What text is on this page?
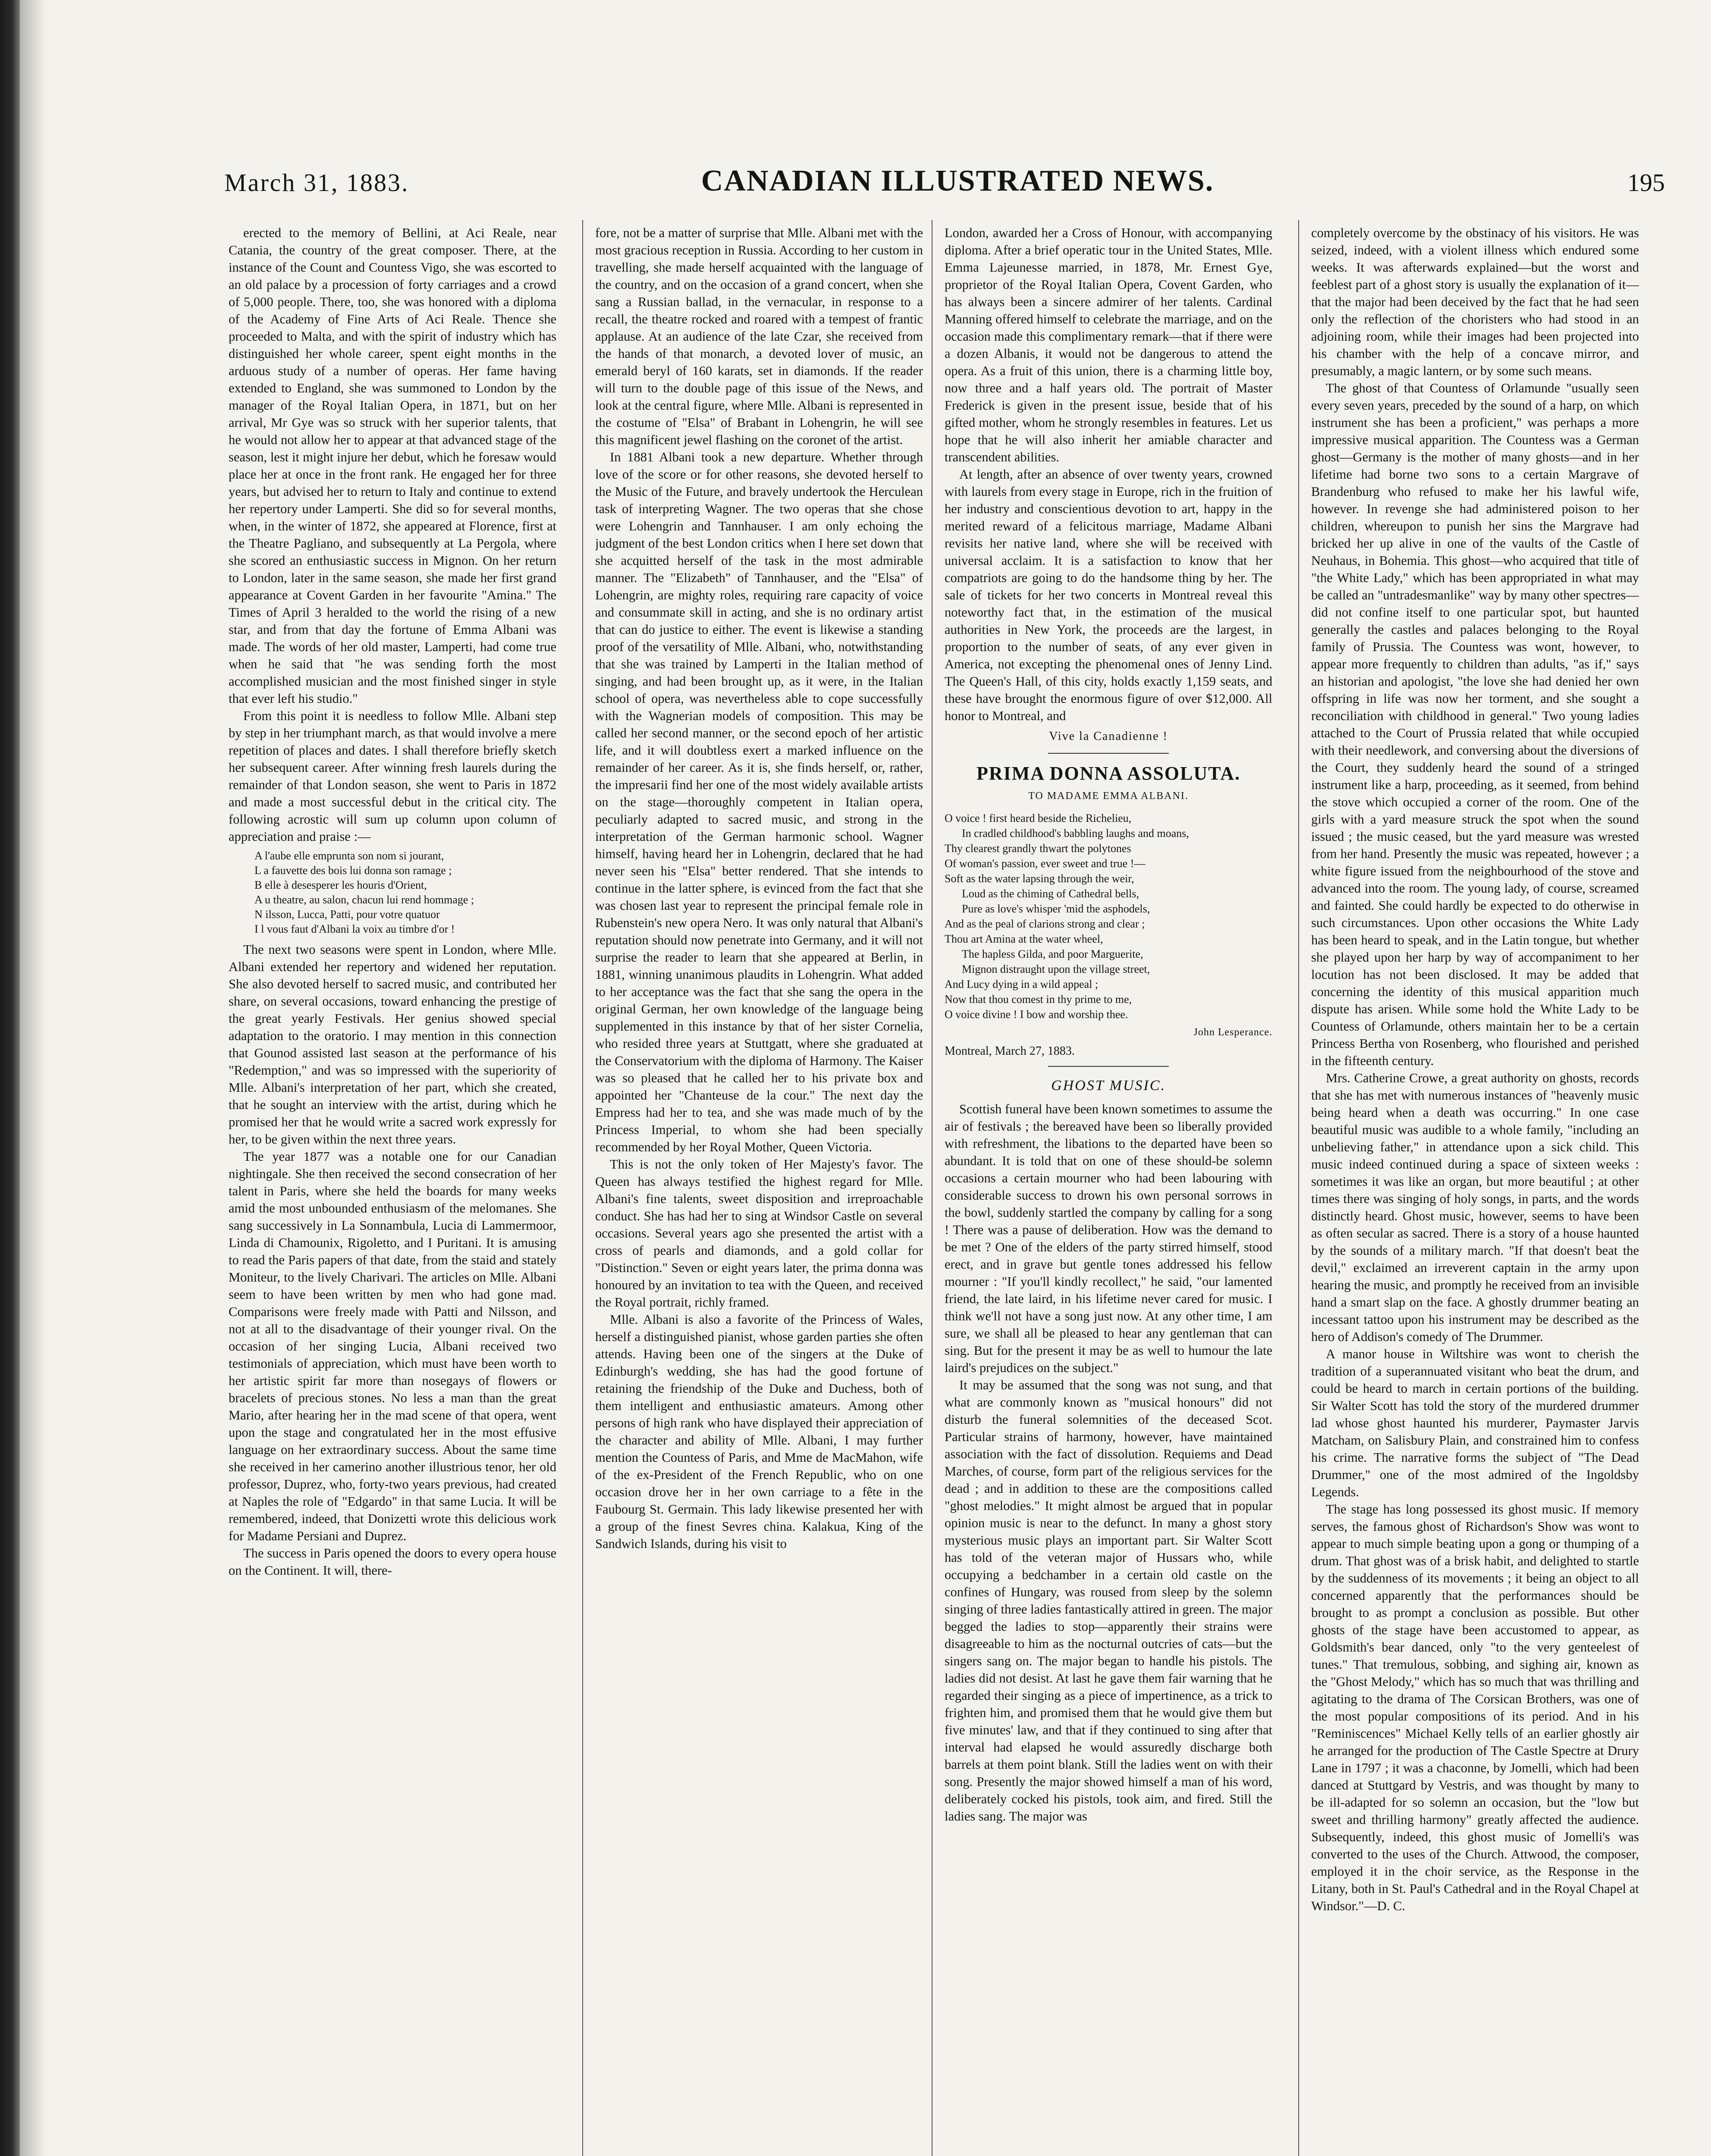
March 31, 1883.	CANADIAN ILLUSTRATED NEWS.	195

erected to the memory of Bellini, at Aci Reale, near Catania, the country of the great composer. There, at the instance of the Count and Countess Vigo, she was escorted to an old palace by a procession of forty carriages and a crowd of 5,000 people. There, too, she was honored with a diploma of the Academy of Fine Arts of Aci Reale. Thence she proceeded to Malta, and with the spirit of industry which has distinguished her whole career, spent eight months in the arduous study of a number of operas. Her fame having extended to England, she was summoned to London by the manager of the Royal Italian Opera, in 1871, but on her arrival, Mr Gye was so struck with her superior talents, that he would not allow her to appear at that advanced stage of the season, lest it might injure her debut, which he foresaw would place her at once in the front rank. He engaged her for three years, but advised her to return to Italy and continue to extend her repertory under Lamperti. She did so for several months, when, in the winter of 1872, she appeared at Florence, first at the Theatre Pagliano, and subsequently at La Pergola, where she scored an enthusiastic success in Mignon. On her return to London, later in the same season, she made her first grand appearance at Covent Garden in her favourite "Amina." The Times of April 3 heralded to the world the rising of a new star, and from that day the fortune of Emma Albani was made. The words of her old master, Lamperti, had come true when he said that "he was sending forth the most accomplished musician and the most finished singer in style that ever left his studio."

From this point it is needless to follow Mlle. Albani step by step in her triumphant march, as that would involve a mere repetition of places and dates. I shall therefore briefly sketch her subsequent career. After winning fresh laurels during the remainder of that London season, she went to Paris in 1872 and made a most successful debut in the critical city. The following acrostic will sum up column upon column of appreciation and praise :—

A l'aube elle emprunta son nom si jourant,
L a fauvette des bois lui donna son ramage ;
B elle à desesperer les houris d'Orient,
A u theatre, au salon, chacun lui rend hommage ;
N ilsson, Lucca, Patti, pour votre quatuor
I l vous faut d'Albani la voix au timbre d'or !

The next two seasons were spent in London, where Mlle. Albani extended her repertory and widened her reputation. She also devoted herself to sacred music, and contributed her share, on several occasions, toward enhancing the prestige of the great yearly Festivals. Her genius showed special adaptation to the oratorio. I may mention in this connection that Gounod assisted last season at the performance of his "Redemption," and was so impressed with the superiority of Mlle. Albani's interpretation of her part, which she created, that he sought an interview with the artist, during which he promised her that he would write a sacred work expressly for her, to be given within the next three years.

The year 1877 was a notable one for our Canadian nightingale. She then received the second consecration of her talent in Paris, where she held the boards for many weeks amid the most unbounded enthusiasm of the melomanes. She sang successively in La Sonnambula, Lucia di Lammermoor, Linda di Chamounix, Rigoletto, and I Puritani. It is amusing to read the Paris papers of that date, from the staid and stately Moniteur, to the lively Charivari. The articles on Mlle. Albani seem to have been written by men who had gone mad. Comparisons were freely made with Patti and Nilsson, and not at all to the disadvantage of their younger rival. On the occasion of her singing Lucia, Albani received two testimonials of appreciation, which must have been worth to her artistic spirit far more than nosegays of flowers or bracelets of precious stones. No less a man than the great Mario, after hearing her in the mad scene of that opera, went upon the stage and congratulated her in the most effusive language on her extraordinary success. About the same time she received in her camerino another illustrious tenor, her old professor, Duprez, who, forty-two years previous, had created at Naples the role of "Edgardo" in that same Lucia. It will be remembered, indeed, that Donizetti wrote this delicious work for Madame Persiani and Duprez.

The success in Paris opened the doors to every opera house on the Continent. It will, there-

fore, not be a matter of surprise that Mlle. Albani met with the most gracious reception in Russia. According to her custom in travelling, she made herself acquainted with the language of the country, and on the occasion of a grand concert, when she sang a Russian ballad, in the vernacular, in response to a recall, the theatre rocked and roared with a tempest of frantic applause. At an audience of the late Czar, she received from the hands of that monarch, a devoted lover of music, an emerald beryl of 160 karats, set in diamonds. If the reader will turn to the double page of this issue of the News, and look at the central figure, where Mlle. Albani is represented in the costume of "Elsa" of Brabant in Lohengrin, he will see this magnificent jewel flashing on the coronet of the artist.

In 1881 Albani took a new departure. Whether through love of the score or for other reasons, she devoted herself to the Music of the Future, and bravely undertook the Herculean task of interpreting Wagner. The two operas that she chose were Lohengrin and Tannhauser. I am only echoing the judgment of the best London critics when I here set down that she acquitted herself of the task in the most admirable manner. The "Elizabeth" of Tannhauser, and the "Elsa" of Lohengrin, are mighty roles, requiring rare capacity of voice and consummate skill in acting, and she is no ordinary artist that can do justice to either. The event is likewise a standing proof of the versatility of Mlle. Albani, who, notwithstanding that she was trained by Lamperti in the Italian method of singing, and had been brought up, as it were, in the Italian school of opera, was nevertheless able to cope successfully with the Wagnerian models of composition. This may be called her second manner, or the second epoch of her artistic life, and it will doubtless exert a marked influence on the remainder of her career. As it is, she finds herself, or, rather, the impresarii find her one of the most widely available artists on the stage—thoroughly competent in Italian opera, peculiarly adapted to sacred music, and strong in the interpretation of the German harmonic school. Wagner himself, having heard her in Lohengrin, declared that he had never seen his "Elsa" better rendered. That she intends to continue in the latter sphere, is evinced from the fact that she was chosen last year to represent the principal female role in Rubenstein's new opera Nero. It was only natural that Albani's reputation should now penetrate into Germany, and it will not surprise the reader to learn that she appeared at Berlin, in 1881, winning unanimous plaudits in Lohengrin. What added to her acceptance was the fact that she sang the opera in the original German, her own knowledge of the language being supplemented in this instance by that of her sister Cornelia, who resided three years at Stuttgatt, where she graduated at the Conservatorium with the diploma of Harmony. The Kaiser was so pleased that he called her to his private box and appointed her "Chanteuse de la cour." The next day the Empress had her to tea, and she was made much of by the Princess Imperial, to whom she had been specially recommended by her Royal Mother, Queen Victoria.

This is not the only token of Her Majesty's favor. The Queen has always testified the highest regard for Mlle. Albani's fine talents, sweet disposition and irreproachable conduct. She has had her to sing at Windsor Castle on several occasions. Several years ago she presented the artist with a cross of pearls and diamonds, and a gold collar for "Distinction." Seven or eight years later, the prima donna was honoured by an invitation to tea with the Queen, and received the Royal portrait, richly framed.

Mlle. Albani is also a favorite of the Princess of Wales, herself a distinguished pianist, whose garden parties she often attends. Having been one of the singers at the Duke of Edinburgh's wedding, she has had the good fortune of retaining the friendship of the Duke and Duchess, both of them intelligent and enthusiastic amateurs. Among other persons of high rank who have displayed their appreciation of the character and ability of Mlle. Albani, I may further mention the Countess of Paris, and Mme de MacMahon, wife of the ex-President of the French Republic, who on one occasion drove her in her own carriage to a fête in the Faubourg St. Germain. This lady likewise presented her with a group of the finest Sevres china. Kalakua, King of the Sandwich Islands, during his visit to

London, awarded her a Cross of Honour, with accompanying diploma. After a brief operatic tour in the United States, Mlle. Emma Lajeunesse married, in 1878, Mr. Ernest Gye, proprietor of the Royal Italian Opera, Covent Garden, who has always been a sincere admirer of her talents. Cardinal Manning offered himself to celebrate the marriage, and on the occasion made this complimentary remark—that if there were a dozen Albanis, it would not be dangerous to attend the opera. As a fruit of this union, there is a charming little boy, now three and a half years old. The portrait of Master Frederick is given in the present issue, beside that of his gifted mother, whom he strongly resembles in features. Let us hope that he will also inherit her amiable character and transcendent abilities.

At length, after an absence of over twenty years, crowned with laurels from every stage in Europe, rich in the fruition of her industry and conscientious devotion to art, happy in the merited reward of a felicitous marriage, Madame Albani revisits her native land, where she will be received with universal acclaim. It is a satisfaction to know that her compatriots are going to do the handsome thing by her. The sale of tickets for her two concerts in Montreal reveal this noteworthy fact that, in the estimation of the musical authorities in New York, the proceeds are the largest, in proportion to the number of seats, of any ever given in America, not excepting the phenomenal ones of Jenny Lind. The Queen's Hall, of this city, holds exactly 1,159 seats, and these have brought the enormous figure of over $12,000. All honor to Montreal, and

Vive la Canadienne !
PRIMA DONNA ASSOLUTA.
TO MADAME EMMA ALBANI.
O voice ! first heard beside the Richelieu,
In cradled childhood's babbling laughs and moans,
Thy clearest grandly thwart the polytones
Of woman's passion, ever sweet and true !—
Soft as the water lapsing through the weir,
Loud as the chiming of Cathedral bells,
Pure as love's whisper 'mid the asphodels,
And as the peal of clarions strong and clear ;
Thou art Amina at the water wheel,
The hapless Gilda, and poor Marguerite,
Mignon distraught upon the village street,
And Lucy dying in a wild appeal ;
Now that thou comest in thy prime to me,
O voice divine ! I bow and worship thee.
John Lesperance.
Montreal, March 27, 1883.
GHOST MUSIC.

Scottish funeral have been known sometimes to assume the air of festivals ; the bereaved have been so liberally provided with refreshment, the libations to the departed have been so abundant. It is told that on one of these should-be solemn occasions a certain mourner who had been labouring with considerable success to drown his own personal sorrows in the bowl, suddenly startled the company by calling for a song ! There was a pause of deliberation. How was the demand to be met ? One of the elders of the party stirred himself, stood erect, and in grave but gentle tones addressed his fellow mourner : "If you'll kindly recollect," he said, "our lamented friend, the late laird, in his lifetime never cared for music. I think we'll not have a song just now. At any other time, I am sure, we shall all be pleased to hear any gentleman that can sing. But for the present it may be as well to humour the late laird's prejudices on the subject."

It may be assumed that the song was not sung, and that what are commonly known as "musical honours" did not disturb the funeral solemnities of the deceased Scot. Particular strains of harmony, however, have maintained association with the fact of dissolution. Requiems and Dead Marches, of course, form part of the religious services for the dead ; and in addition to these are the compositions called "ghost melodies." It might almost be argued that in popular opinion music is near to the defunct. In many a ghost story mysterious music plays an important part. Sir Walter Scott has told of the veteran major of Hussars who, while occupying a bedchamber in a certain old castle on the confines of Hungary, was roused from sleep by the solemn singing of three ladies fantastically attired in green. The major begged the ladies to stop—apparently their strains were disagreeable to him as the nocturnal outcries of cats—but the singers sang on. The major began to handle his pistols. The ladies did not desist. At last he gave them fair warning that he regarded their singing as a piece of impertinence, as a trick to frighten him, and promised them that he would give them but five minutes' law, and that if they continued to sing after that interval had elapsed he would assuredly discharge both barrels at them point blank. Still the ladies went on with their song. Presently the major showed himself a man of his word, deliberately cocked his pistols, took aim, and fired. Still the ladies sang. The major was

completely overcome by the obstinacy of his visitors. He was seized, indeed, with a violent illness which endured some weeks. It was afterwards explained—but the worst and feeblest part of a ghost story is usually the explanation of it—that the major had been deceived by the fact that he had seen only the reflection of the choristers who had stood in an adjoining room, while their images had been projected into his chamber with the help of a concave mirror, and presumably, a magic lantern, or by some such means.

The ghost of that Countess of Orlamunde "usually seen every seven years, preceded by the sound of a harp, on which instrument she has been a proficient," was perhaps a more impressive musical apparition. The Countess was a German ghost—Germany is the mother of many ghosts—and in her lifetime had borne two sons to a certain Margrave of Brandenburg who refused to make her his lawful wife, however. In revenge she had administered poison to her children, whereupon to punish her sins the Margrave had bricked her up alive in one of the vaults of the Castle of Neuhaus, in Bohemia. This ghost—who acquired that title of "the White Lady," which has been appropriated in what may be called an "untradesmanlike" way by many other spectres—did not confine itself to one particular spot, but haunted generally the castles and palaces belonging to the Royal family of Prussia. The Countess was wont, however, to appear more frequently to children than adults, "as if," says an historian and apologist, "the love she had denied her own offspring in life was now her torment, and she sought a reconciliation with childhood in general." Two young ladies attached to the Court of Prussia related that while occupied with their needlework, and conversing about the diversions of the Court, they suddenly heard the sound of a stringed instrument like a harp, proceeding, as it seemed, from behind the stove which occupied a corner of the room. One of the girls with a yard measure struck the spot when the sound issued ; the music ceased, but the yard measure was wrested from her hand. Presently the music was repeated, however ; a white figure issued from the neighbourhood of the stove and advanced into the room. The young lady, of course, screamed and fainted. She could hardly be expected to do otherwise in such circumstances. Upon other occasions the White Lady has been heard to speak, and in the Latin tongue, but whether she played upon her harp by way of accompaniment to her locution has not been disclosed. It may be added that concerning the identity of this musical apparition much dispute has arisen. While some hold the White Lady to be Countess of Orlamunde, others maintain her to be a certain Princess Bertha von Rosenberg, who flourished and perished in the fifteenth century.

Mrs. Catherine Crowe, a great authority on ghosts, records that she has met with numerous instances of "heavenly music being heard when a death was occurring." In one case beautiful music was audible to a whole family, "including an unbelieving father," in attendance upon a sick child. This music indeed continued during a space of sixteen weeks : sometimes it was like an organ, but more beautiful ; at other times there was singing of holy songs, in parts, and the words distinctly heard. Ghost music, however, seems to have been as often secular as sacred. There is a story of a house haunted by the sounds of a military march. "If that doesn't beat the devil," exclaimed an irreverent captain in the army upon hearing the music, and promptly he received from an invisible hand a smart slap on the face. A ghostly drummer beating an incessant tattoo upon his instrument may be described as the hero of Addison's comedy of The Drummer.

A manor house in Wiltshire was wont to cherish the tradition of a superannuated visitant who beat the drum, and could be heard to march in certain portions of the building. Sir Walter Scott has told the story of the murdered drummer lad whose ghost haunted his murderer, Paymaster Jarvis Matcham, on Salisbury Plain, and constrained him to confess his crime. The narrative forms the subject of "The Dead Drummer," one of the most admired of the Ingoldsby Legends.

The stage has long possessed its ghost music. If memory serves, the famous ghost of Richardson's Show was wont to appear to much simple beating upon a gong or thumping of a drum. That ghost was of a brisk habit, and delighted to startle by the suddenness of its movements ; it being an object to all concerned apparently that the performances should be brought to as prompt a conclusion as possible. But other ghosts of the stage have been accustomed to appear, as Goldsmith's bear danced, only "to the very genteelest of tunes." That tremulous, sobbing, and sighing air, known as the "Ghost Melody," which has so much that was thrilling and agitating to the drama of The Corsican Brothers, was one of the most popular compositions of its period. And in his "Reminiscences" Michael Kelly tells of an earlier ghostly air he arranged for the production of The Castle Spectre at Drury Lane in 1797 ; it was a chaconne, by Jomelli, which had been danced at Stuttgard by Vestris, and was thought by many to be ill-adapted for so solemn an occasion, but the "low but sweet and thrilling harmony" greatly affected the audience. Subsequently, indeed, this ghost music of Jomelli's was converted to the uses of the Church. Attwood, the composer, employed it in the choir service, as the Response in the Litany, both in St. Paul's Cathedral and in the Royal Chapel at Windsor."—D. C.
